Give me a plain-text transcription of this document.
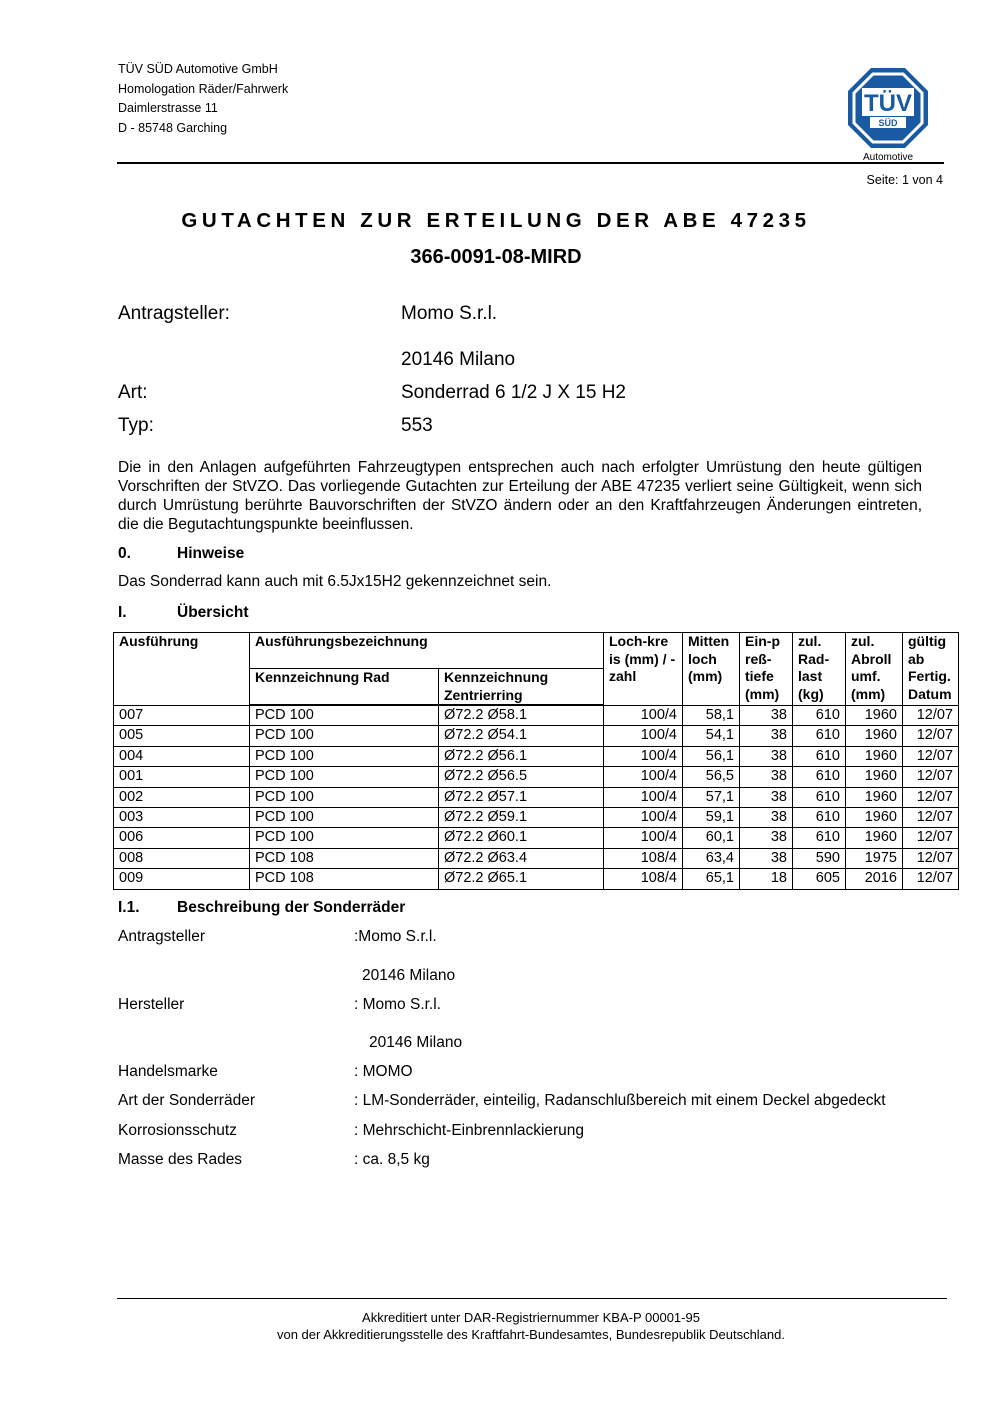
TÜV SÜD Automotive GmbH
Homologation Räder/Fahrwerk
Daimlerstrasse 11
D - 85748 Garching
TÜV
SÜD
Automotive
Seite: 1 von 4
GUTACHTEN ZUR ERTEILUNG DER ABE 47235
366-0091-08-MIRD
Antragsteller:	Momo S.r.l.
20146 Milano
Art:	Sonderrad 6 1/2 J X 15 H2
Typ:	553
Die in den Anlagen aufgeführten Fahrzeugtypen entsprechen auch nach erfolgter Umrüstung den heute gültigen Vorschriften der StVZO. Das vorliegende Gutachten zur Erteilung der ABE 47235 verliert seine Gültigkeit, wenn sich durch Umrüstung berührte Bauvorschriften der StVZO ändern oder an den Kraftfahrzeugen Änderungen eintreten, die die Begutachtungspunkte beeinflussen.
0.	Hinweise
Das Sonderrad kann auch mit 6.5Jx15H2 gekennzeichnet sein.
I.	Übersicht
Ausführung	Ausführungsbezeichnung		Loch-kre is (mm) / -zahl	Mitten loch (mm)	Ein-p reß- tiefe (mm)	zul. Rad- last (kg)	zul. Abroll umf. (mm)	gültig ab Fertig. Datum
	Kennzeichnung Rad	Kennzeichnung Zentrierring						
007	PCD 100	Ø72.2 Ø58.1	100/4	58,1	38	610	1960	12/07
005	PCD 100	Ø72.2 Ø54.1	100/4	54,1	38	610	1960	12/07
004	PCD 100	Ø72.2 Ø56.1	100/4	56,1	38	610	1960	12/07
001	PCD 100	Ø72.2 Ø56.5	100/4	56,5	38	610	1960	12/07
002	PCD 100	Ø72.2 Ø57.1	100/4	57,1	38	610	1960	12/07
003	PCD 100	Ø72.2 Ø59.1	100/4	59,1	38	610	1960	12/07
006	PCD 100	Ø72.2 Ø60.1	100/4	60,1	38	610	1960	12/07
008	PCD 108	Ø72.2 Ø63.4	108/4	63,4	38	590	1975	12/07
009	PCD 108	Ø72.2 Ø65.1	108/4	65,1	18	605	2016	12/07
I.1. Beschreibung der Sonderräder
Antragsteller	:Momo S.r.l.
20146 Milano
Hersteller	: Momo S.r.l.
20146 Milano
Handelsmarke	: MOMO
Art der Sonderräder	: LM-Sonderräder, einteilig, Radanschlußbereich mit einem Deckel abgedeckt
Korrosionsschutz	: Mehrschicht-Einbrennlackierung
Masse des Rades	: ca. 8,5 kg
Akkreditiert unter DAR-Registriernummer KBA-P 00001-95
von der Akkreditierungsstelle des Kraftfahrt-Bundesamtes, Bundesrepublik Deutschland.
